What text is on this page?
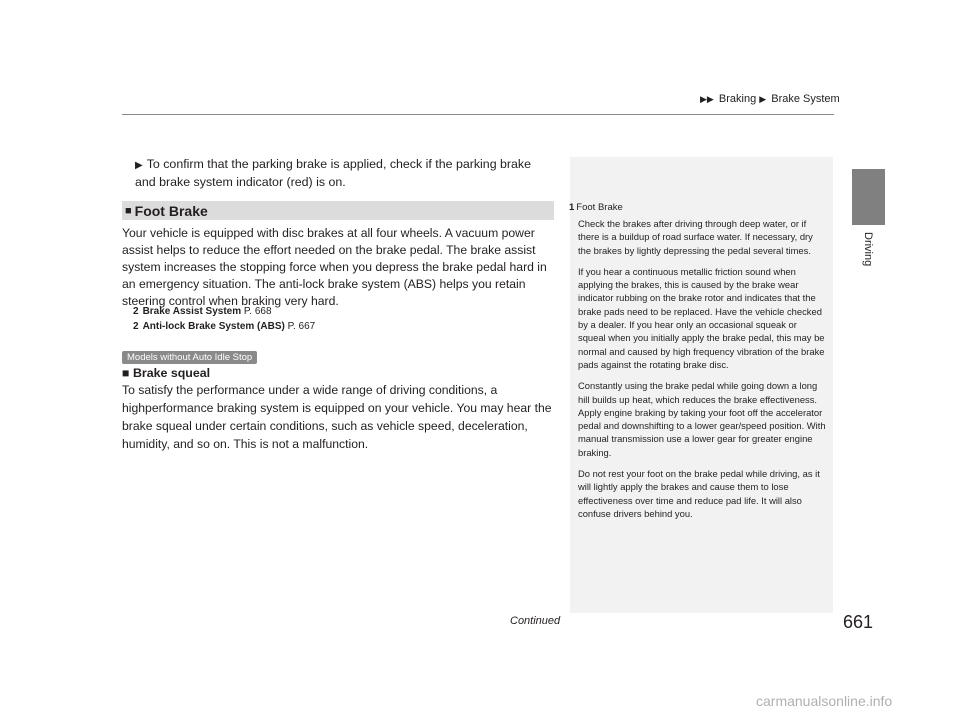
▶▶ Braking ▶ Brake System
Driving
▶ To confirm that the parking brake is applied, check if the parking brake and brake system indicator (red) is on.
■ Foot Brake
Your vehicle is equipped with disc brakes at all four wheels. A vacuum power assist helps to reduce the effort needed on the brake pedal. The brake assist system increases the stopping force when you depress the brake pedal hard in an emergency situation. The anti-lock brake system (ABS) helps you retain steering control when braking very hard.
2 Brake Assist System P. 668
2 Anti-lock Brake System (ABS) P. 667
Models without Auto Idle Stop
■ Brake squeal
To satisfy the performance under a wide range of driving conditions, a highperformance braking system is equipped on your vehicle. You may hear the brake squeal under certain conditions, such as vehicle speed, deceleration, humidity, and so on. This is not a malfunction.
1 Foot Brake

Check the brakes after driving through deep water, or if there is a buildup of road surface water. If necessary, dry the brakes by lightly depressing the pedal several times.

If you hear a continuous metallic friction sound when applying the brakes, this is caused by the brake wear indicator rubbing on the brake rotor and indicates that the brake pads need to be replaced. Have the vehicle checked by a dealer. If you hear only an occasional squeak or squeal when you initially apply the brake pedal, this may be normal and caused by high frequency vibration of the brake pads against the rotating brake disc.

Constantly using the brake pedal while going down a long hill builds up heat, which reduces the brake effectiveness. Apply engine braking by taking your foot off the accelerator pedal and downshifting to a lower gear/speed position. With manual transmission use a lower gear for greater engine braking.

Do not rest your foot on the brake pedal while driving, as it will lightly apply the brakes and cause them to lose effectiveness over time and reduce pad life. It will also confuse drivers behind you.

Continued	661
carmanualsonline.info
